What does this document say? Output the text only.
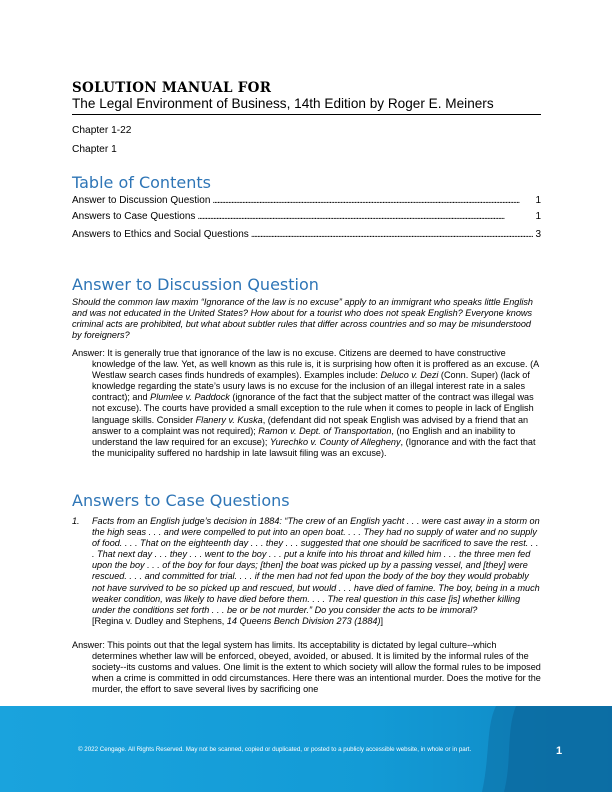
SOLUTION MANUAL FOR
The Legal Environment of Business, 14th Edition by Roger E. Meiners
Chapter 1-22
Chapter 1
Table of Contents
Answer to Discussion Question . . .	1
Answers to Case Questions . . .	1
Answers to Ethics and Social Questions . . .	3
Answer to Discussion Question
Should the common law maxim “Ignorance of the law is no excuse” apply to an immigrant who speaks little English and was not educated in the United States? How about for a tourist who does not speak English? Everyone knows criminal acts are prohibited, but what about subtler rules that differ across countries and so may be misunderstood by foreigners?
Answer: It is generally true that ignorance of the law is no excuse. Citizens are deemed to have constructive knowledge of the law. Yet, as well known as this rule is, it is surprising how often it is proffered as an excuse. (A Westlaw search cases finds hundreds of examples). Examples include: Deluco v. Dezi (Conn. Super) (lack of knowledge regarding the state’s usury laws is no excuse for the inclusion of an illegal interest rate in a sales contract); and Plumlee v. Paddock (ignorance of the fact that the subject matter of the contract was illegal was not excuse). The courts have provided a small exception to the rule when it comes to people in lack of English language skills. Consider Flanery v. Kuska, (defendant did not speak English was advised by a friend that an answer to a complaint was not required); Ramon v. Dept. of Transportation, (no English and an inability to understand the law required for an excuse); Yurechko v. County of Allegheny, (Ignorance and with the fact that the municipality suffered no hardship in late lawsuit filing was an excuse).
Answers to Case Questions
1. Facts from an English judge’s decision in 1884: “The crew of an English yacht . . . were cast away in a storm on the high seas . . . and were compelled to put into an open boat. . . . They had no supply of water and no supply of food. . . . That on the eighteenth day . . . they . . . suggested that one should be sacrificed to save the rest. . . . That next day . . . they . . . went to the boy . . . put a knife into his throat and killed him . . . the three men fed upon the boy . . . of the boy for four days; [then] the boat was picked up by a passing vessel, and [they] were rescued. . . . and committed for trial. . . . if the men had not fed upon the body of the boy they would probably not have survived to be so picked up and rescued, but would . . . have died of famine. The boy, being in a much weaker condition, was likely to have died before them. . . . The real question in this case [is] whether killing under the conditions set forth . . . be or be not murder.” Do you consider the acts to be immoral?
[Regina v. Dudley and Stephens, 14 Queens Bench Division 273 (1884)]
Answer: This points out that the legal system has limits. Its acceptability is dictated by legal culture--which determines whether law will be enforced, obeyed, avoided, or abused. It is limited by the informal rules of the society--its customs and values. One limit is the extent to which society will allow the formal rules to be imposed when a crime is committed in odd circumstances. Here there was an intentional murder. Does the motive for the murder, the effort to save several lives by sacrificing one
© 2022 Cengage. All Rights Reserved. May not be scanned, copied or duplicated, or posted to a publicly accessible website, in whole or in part.	1
